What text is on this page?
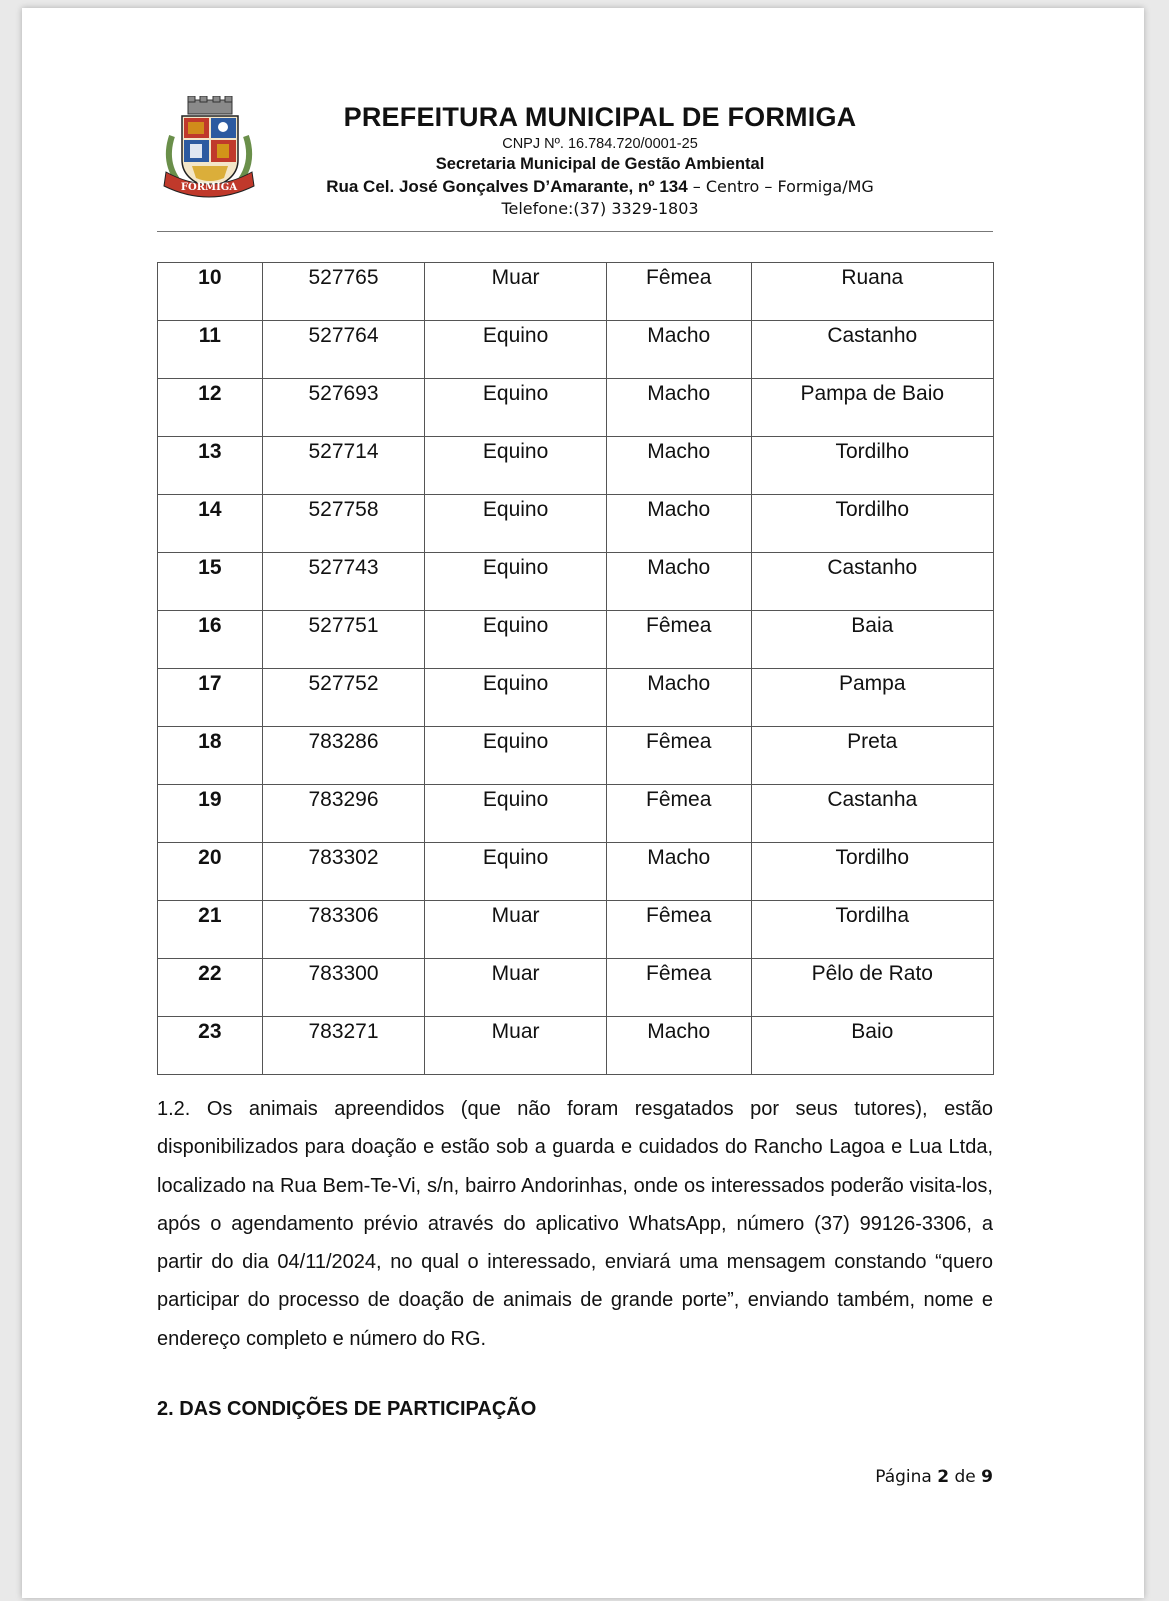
FORMIGA
PREFEITURA MUNICIPAL DE FORMIGA
CNPJ Nº. 16.784.720/0001-25
Secretaria Municipal de Gestão Ambiental
Rua Cel. José Gonçalves D’Amarante, nº 134 – Centro – Formiga/MG
Telefone:(37) 3329-1803
10	527765	Muar	Fêmea	Ruana
11	527764	Equino	Macho	Castanho
12	527693	Equino	Macho	Pampa de Baio
13	527714	Equino	Macho	Tordilho
14	527758	Equino	Macho	Tordilho
15	527743	Equino	Macho	Castanho
16	527751	Equino	Fêmea	Baia
17	527752	Equino	Macho	Pampa
18	783286	Equino	Fêmea	Preta
19	783296	Equino	Fêmea	Castanha
20	783302	Equino	Macho	Tordilho
21	783306	Muar	Fêmea	Tordilha
22	783300	Muar	Fêmea	Pêlo de Rato
23	783271	Muar	Macho	Baio
1.2. Os animais apreendidos (que não foram resgatados por seus tutores), estão disponibilizados para doação e estão sob a guarda e cuidados do Rancho Lagoa e Lua Ltda, localizado na Rua Bem-Te-Vi, s/n, bairro Andorinhas, onde os interessados poderão visita-los, após o agendamento prévio através do aplicativo WhatsApp, número (37) 99126-3306, a partir do dia 04/11/2024, no qual o interessado, enviará uma mensagem constando “quero participar do processo de doação de animais de grande porte”, enviando também, nome e endereço completo e número do RG.
2. DAS CONDIÇÕES DE PARTICIPAÇÃO
Página 2 de 9
